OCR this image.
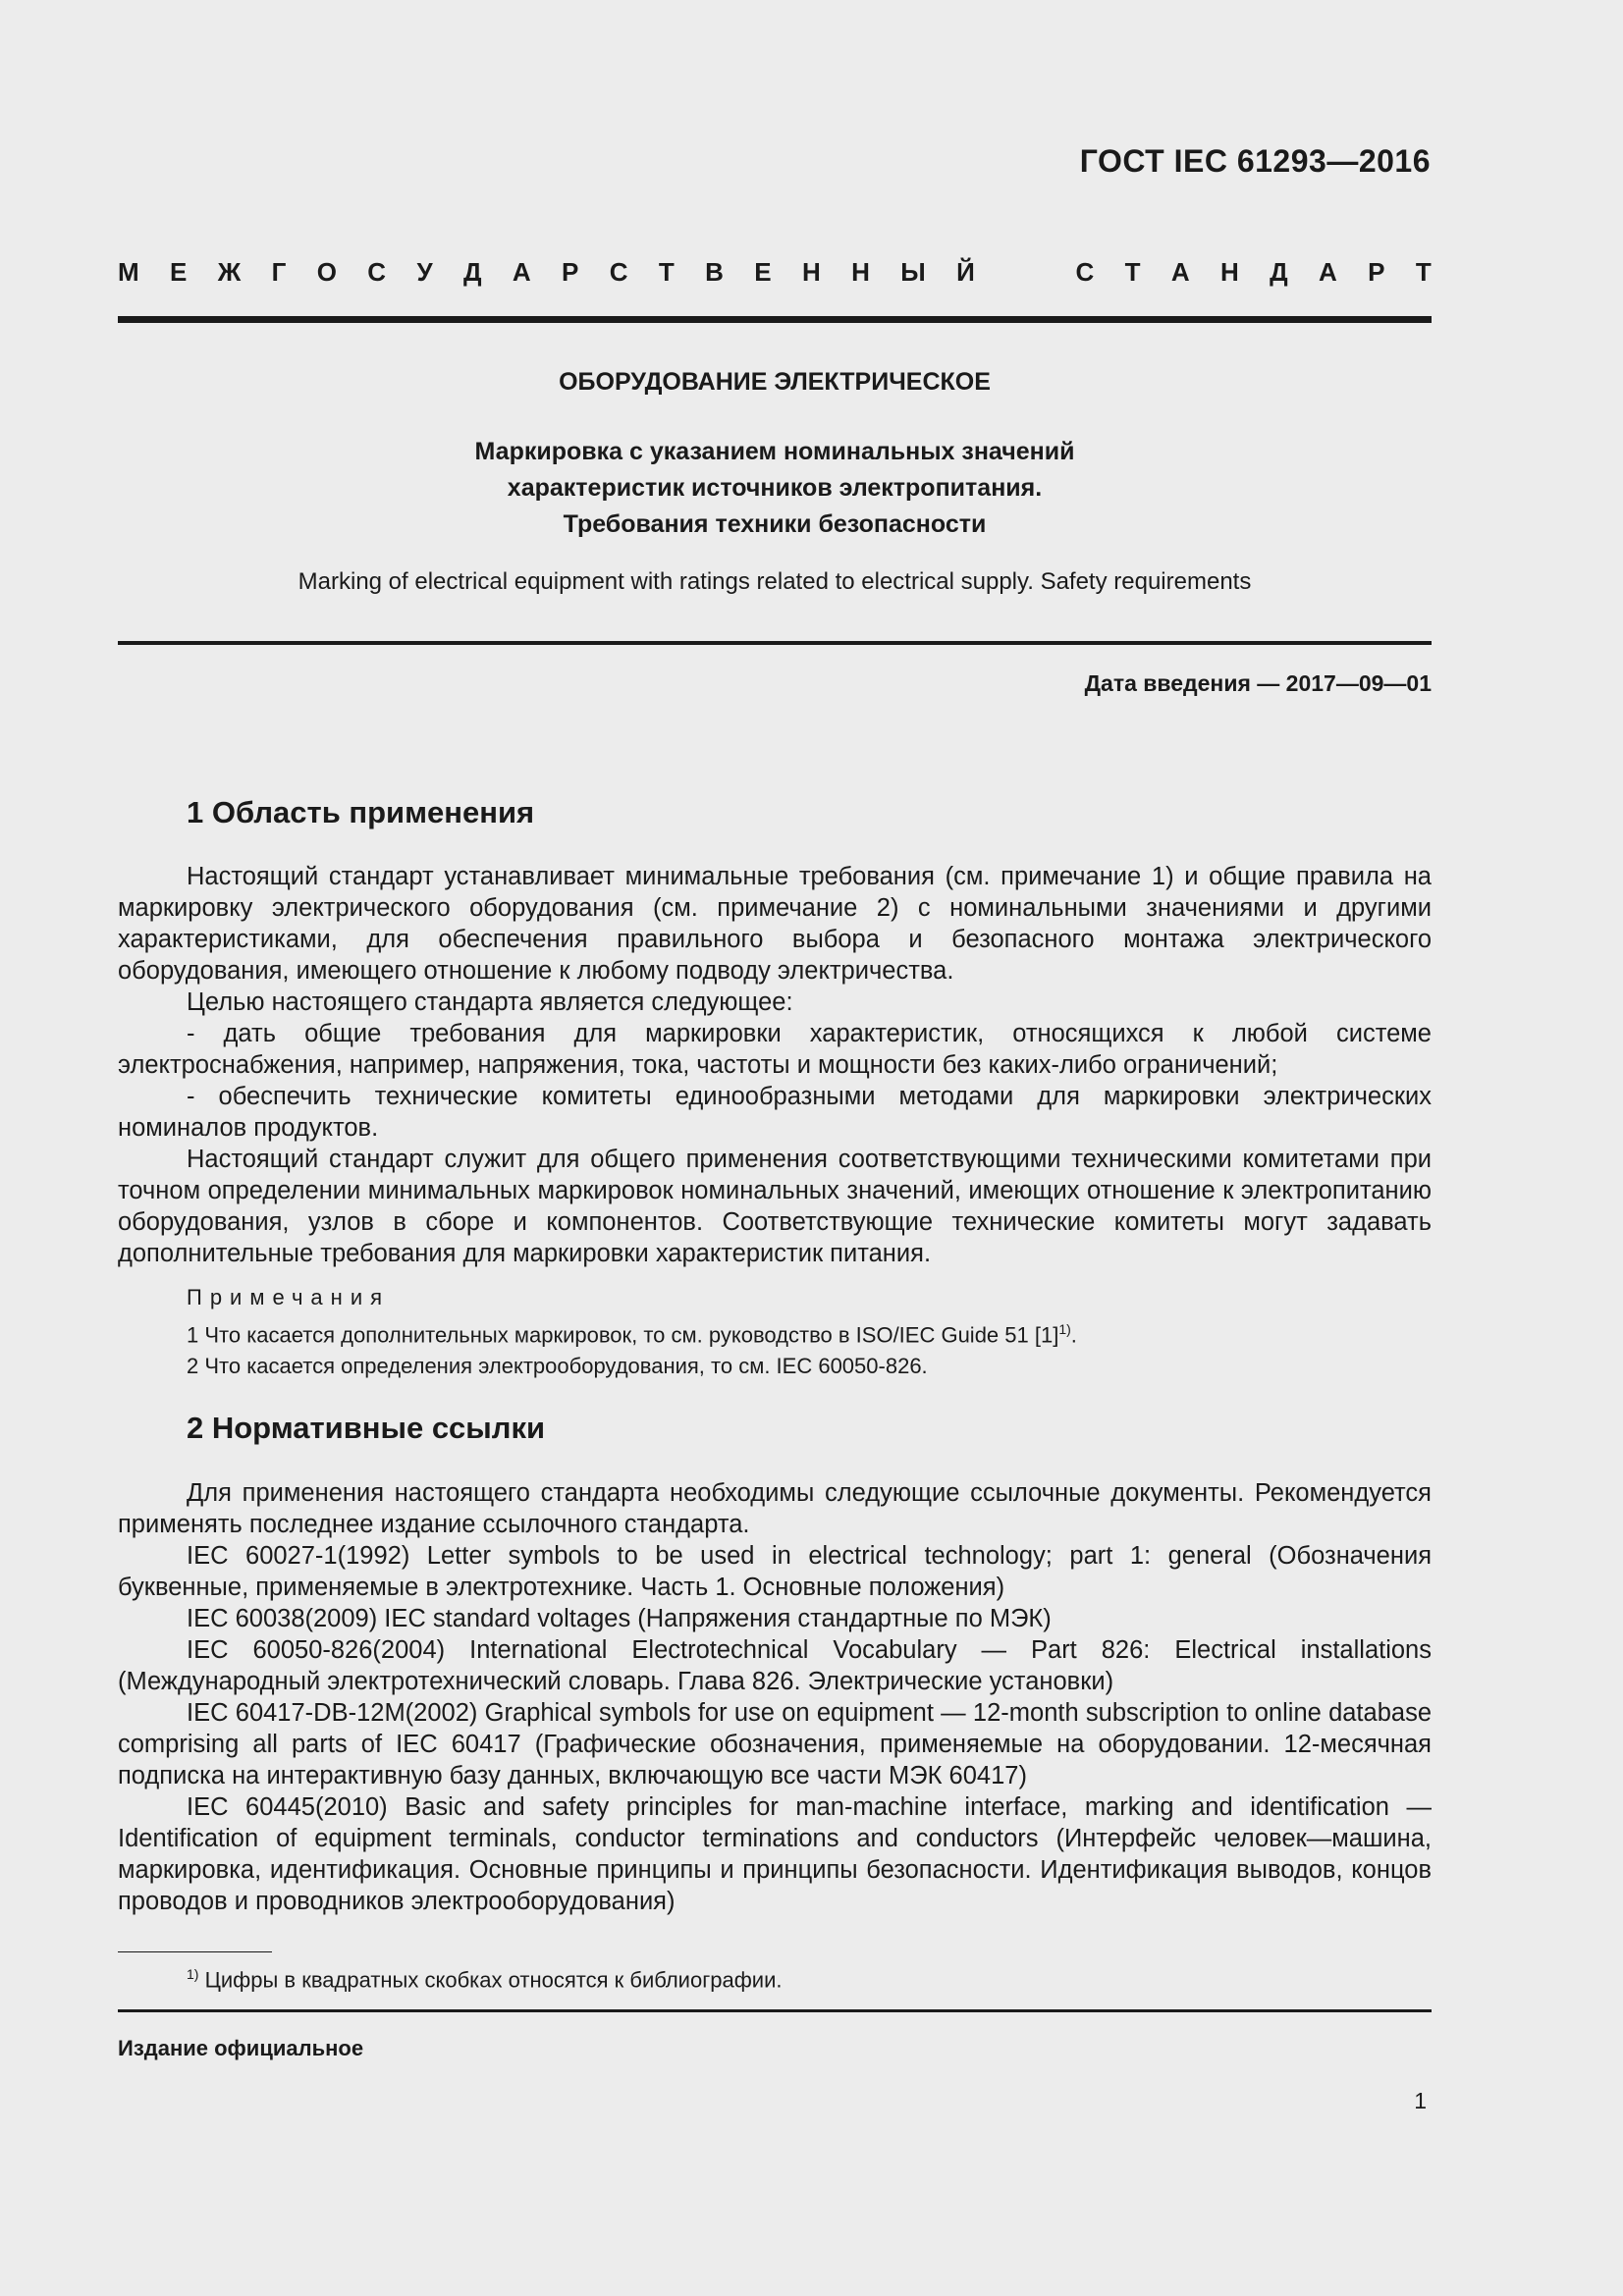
ГОСТ IEC 61293—2016
М Е Ж Г О С У Д А Р С Т В Е Н Н Ы Й	С Т А Н Д А Р Т
ОБОРУДОВАНИЕ ЭЛЕКТРИЧЕСКОЕ
Маркировка с указанием номинальных значений
характеристик источников электропитания.
Требования техники безопасности
Marking of electrical equipment with ratings related to electrical supply. Safety requirements
Дата введения — 2017—09—01
1 Область применения

Настоящий стандарт устанавливает минимальные требования (см. примечание 1) и общие правила на маркировку электрического оборудования (см. примечание 2) с номинальными значениями и другими характеристиками, для обеспечения правильного выбора и безопасного монтажа электрического оборудования, имеющего отношение к любому подводу электричества.

Целью настоящего стандарта является следующее:

- дать общие требования для маркировки характеристик, относящихся к любой системе электроснабжения, например, напряжения, тока, частоты и мощности без каких-либо ограничений;

- обеспечить технические комитеты единообразными методами для маркировки электрических номиналов продуктов.

Настоящий стандарт служит для общего применения соответствующими техническими комитетами при точном определении минимальных маркировок номинальных значений, имеющих отношение к электропитанию оборудования, узлов в сборе и компонентов. Соответствующие технические комитеты могут задавать дополнительные требования для маркировки характеристик питания.

Примечания
1 Что касается дополнительных маркировок, то см. руководство в ISO/IEC Guide 51 $[1]^{1)}$.
2 Что касается определения электрооборудования, то см. IEC 60050-826.
2 Нормативные ссылки

Для применения настоящего стандарта необходимы следующие ссылочные документы. Рекомендуется применять последнее издание ссылочного стандарта.

IEC 60027-1(1992) Letter symbols to be used in electrical technology; part 1: general (Обозначения буквенные, применяемые в электротехнике. Часть 1. Основные положения)

IEC 60038(2009) IEC standard voltages (Напряжения стандартные по МЭК)

IEC 60050-826(2004) International Electrotechnical Vocabulary — Part 826: Electrical installations (Международный электротехнический словарь. Глава 826. Электрические установки)

IEC 60417-DB-12M(2002) Graphical symbols for use on equipment — 12-month subscription to online database comprising all parts of IEC 60417 (Графические обозначения, применяемые на оборудовании. 12-месячная подписка на интерактивную базу данных, включающую все части МЭК 60417)

IEC 60445(2010) Basic and safety principles for man-machine interface, marking and identification — Identification of equipment terminals, conductor terminations and conductors (Интерфейс человек—машина, маркировка, идентификация. Основные принципы и принципы безопасности. Идентификация выводов, концов проводов и проводников электрооборудования)

$^{1)}$ Цифры в квадратных скобках относятся к библиографии.
Издание официальное
1
